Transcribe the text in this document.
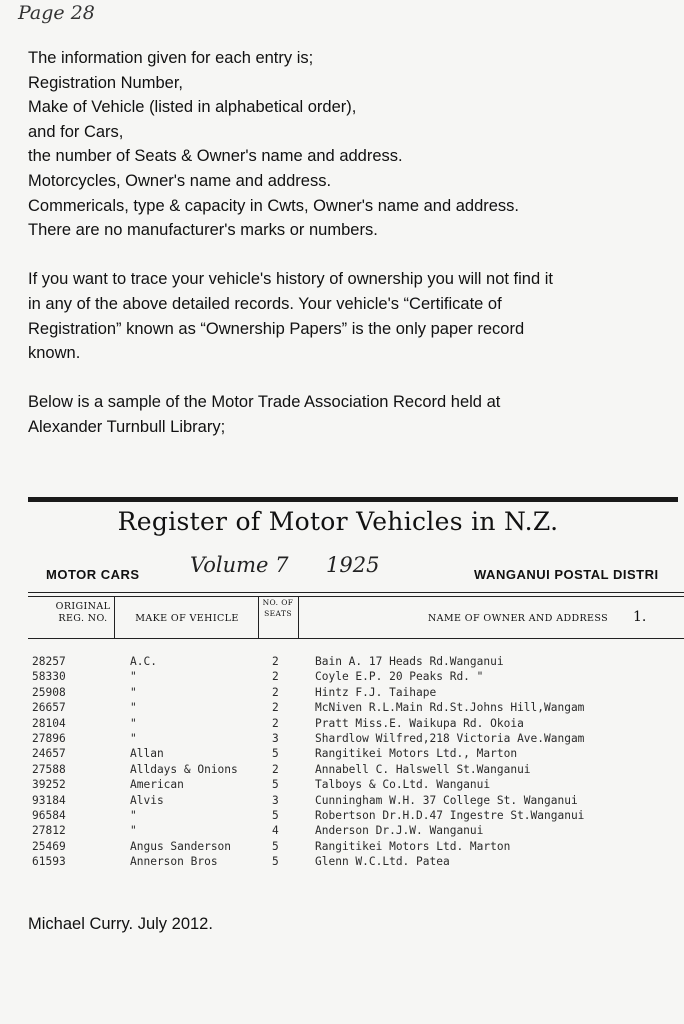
Page 28

The information given for each entry is;

Registration Number,

Make of Vehicle (listed in alphabetical order),

and for Cars,

the number of Seats & Owner's name and address.

Motorcycles, Owner's name and address.

Commericals, type & capacity in Cwts, Owner's name and address.

There are no manufacturer's marks or numbers.

If you want to trace your vehicle's history of ownership you will not find it

in any of the above detailed records. Your vehicle's “Certificate of

Registration” known as “Ownership Papers” is the only paper record

known.

Below is a sample of the Motor Trade Association Record held at

Alexander Turnbull Library;

Register of Motor Vehicles in N.Z.
MOTOR CARS Volume 7 1925	WANGANUI POSTAL DISTRI
ORIGINAL REG. NO.	MAKE OF VEHICLE
NO. OF SEATS	NAME OF OWNER AND ADDRESS	1.
28257	A.C.	2	Bain A. 17 Heads Rd.Wanganui
58330	"	2	Coyle E.P. 20 Peaks Rd. "
25908	"	2	Hintz F.J. Taihape
26657	"	2	McNiven R.L.Main Rd.St.Johns Hill,Wangam
28104	"	2	Pratt Miss.E. Waikupa Rd. Okoia
27896	"	3	Shardlow Wilfred,218 Victoria Ave.Wangam
24657	Allan	5	Rangitikei Motors Ltd., Marton
27588	Alldays & Onions	2	Annabell C. Halswell St.Wanganui
39252	American	5	Talboys & Co.Ltd. Wanganui
93184	Alvis	3	Cunningham W.H. 37 College St. Wanganui
96584	"	5	Robertson Dr.H.D.47 Ingestre St.Wanganui
27812	"	4	Anderson Dr.J.W. Wanganui
25469	Angus Sanderson	5	Rangitikei Motors Ltd. Marton
61593	Annerson Bros	5	Glenn W.C.Ltd. Patea
Michael Curry. July 2012.
